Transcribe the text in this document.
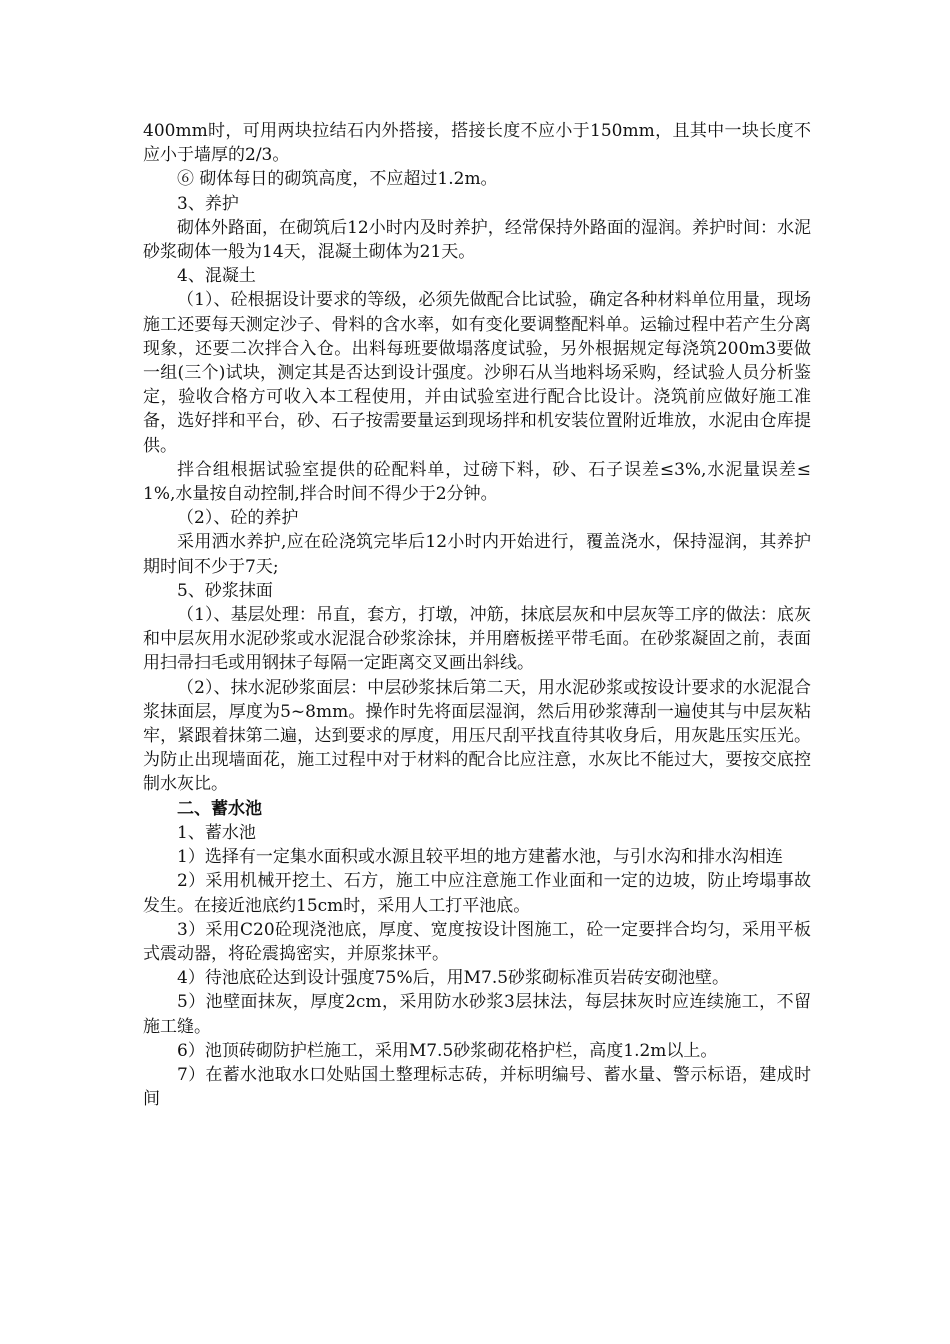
400mm时，可用两块拉结石内外搭接，搭接长度不应小于150mm，且其中一块长度不应小于墙厚的2/3。

⑥ 砌体每日的砌筑高度，不应超过1.2m。

3、养护

砌体外路面，在砌筑后12小时内及时养护，经常保持外路面的湿润。养护时间：水泥砂浆砌体一般为14天，混凝土砌体为21天。

4、混凝土

（1）、砼根据设计要求的等级，必须先做配合比试验，确定各种材料单位用量，现场施工还要每天测定沙子、骨料的含水率，如有变化要调整配料单。运输过程中若产生分离现象，还要二次拌合入仓。出料每班要做塌落度试验，另外根据规定每浇筑200m3要做一组(三个)试块，测定其是否达到设计强度。沙卵石从当地料场采购，经试验人员分析鉴定，验收合格方可收入本工程使用，并由试验室进行配合比设计。浇筑前应做好施工准备，选好拌和平台，砂、石子按需要量运到现场拌和机安装位置附近堆放，水泥由仓库提供。

拌合组根据试验室提供的砼配料单，过磅下料，砂、石子误差≤3%,水泥量误差≤1%,水量按自动控制,拌合时间不得少于2分钟。

（2）、砼的养护

采用洒水养护,应在砼浇筑完毕后12小时内开始进行，覆盖浇水，保持湿润，其养护期时间不少于7天;

5、砂浆抹面

（1）、基层处理：吊直，套方，打墩，冲筋，抹底层灰和中层灰等工序的做法：底灰和中层灰用水泥砂浆或水泥混合砂浆涂抹，并用磨板搓平带毛面。在砂浆凝固之前，表面用扫帚扫毛或用钢抹子每隔一定距离交叉画出斜线。

（2）、抹水泥砂浆面层：中层砂浆抹后第二天，用水泥砂浆或按设计要求的水泥混合浆抹面层，厚度为5~8mm。操作时先将面层湿润，然后用砂浆薄刮一遍使其与中层灰粘牢，紧跟着抹第二遍，达到要求的厚度，用压尺刮平找直待其收身后，用灰匙压实压光。为防止出现墙面花，施工过程中对于材料的配合比应注意，水灰比不能过大，要按交底控制水灰比。

二、蓄水池

1、蓄水池

1）选择有一定集水面积或水源且较平坦的地方建蓄水池，与引水沟和排水沟相连

2）采用机械开挖土、石方，施工中应注意施工作业面和一定的边坡，防止垮塌事故发生。在接近池底约15cm时，采用人工打平池底。

3）采用C20砼现浇池底，厚度、宽度按设计图施工，砼一定要拌合均匀，采用平板式震动器，将砼震捣密实，并原浆抹平。

4）待池底砼达到设计强度75%后，用M7.5砂浆砌标准页岩砖安砌池壁。

5）池壁面抹灰，厚度2cm，采用防水砂浆3层抹法，每层抹灰时应连续施工，不留施工缝。

6）池顶砖砌防护栏施工，采用M7.5砂浆砌花格护栏，高度1.2m以上。

7）在蓄水池取水口处贴国土整理标志砖，并标明编号、蓄水量、警示标语，建成时间
